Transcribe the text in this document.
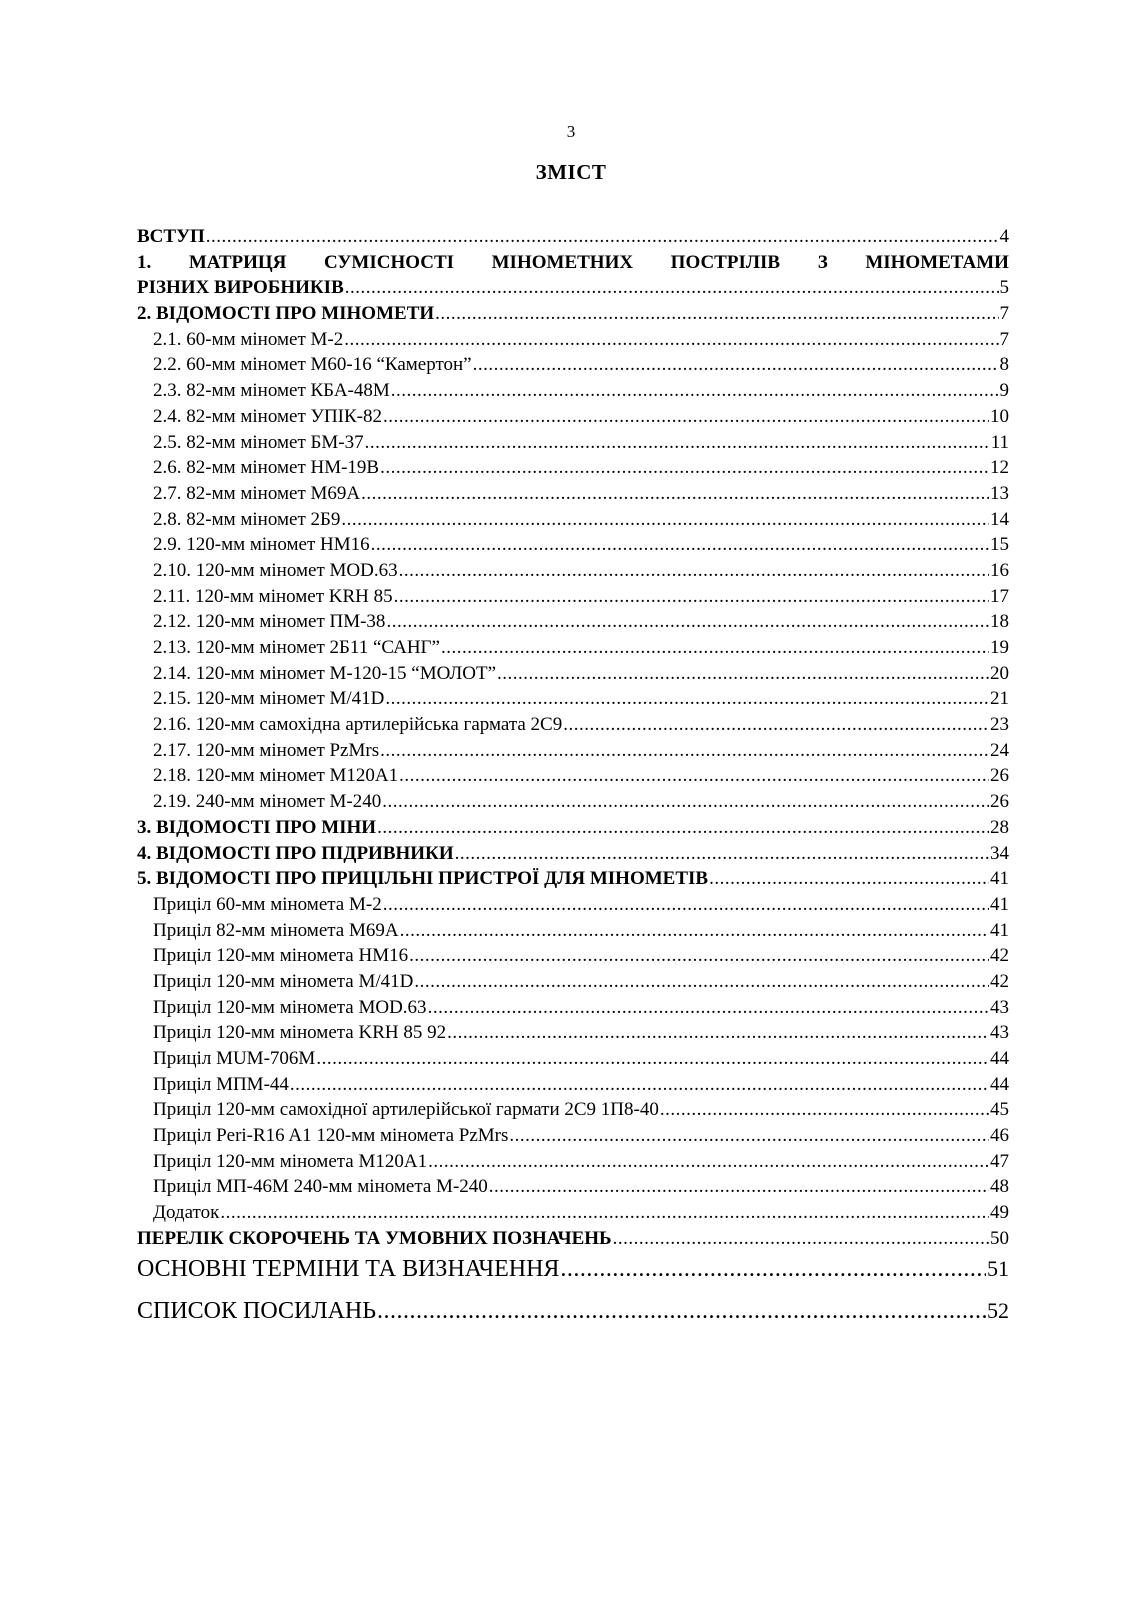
3
ЗМІСТ
ВСТУП .....	4
1. МАТРИЦЯ СУМІСНОСТІ МІНОМЕТНИХ ПОСТРІЛІВ З МІНОМЕТАМИ
РІЗНИХ ВИРОБНИКІВ .....	5
2. ВІДОМОСТІ ПРО МІНОМЕТИ .....	7
2.1. 60-мм міномет М-2 .....	7
2.2. 60-мм міномет М60-16 “Камертон” .....	8
2.3. 82-мм міномет КБА-48М .....	9
2.4. 82-мм міномет УПІК-82 .....	10
2.5. 82-мм міномет БМ-37 .....	11
2.6. 82-мм міномет НМ-19В .....	12
2.7. 82-мм міномет М69А .....	13
2.8. 82-мм міномет 2Б9 .....	14
2.9. 120-мм міномет НМ16 .....	15
2.10. 120-мм міномет MOD.63 .....	16
2.11. 120-мм міномет KRH 85 .....	17
2.12. 120-мм міномет ПМ-38 .....	18
2.13. 120-мм міномет 2Б11 “САНГ” .....	19
2.14. 120-мм міномет М-120-15 “МОЛОТ” .....	20
2.15. 120-мм міномет M/41D .....	21
2.16. 120-мм самохідна артилерійська гармата 2С9 .....	23
2.17. 120-мм міномет PzMrs .....	24
2.18. 120-мм міномет M120A1 .....	26
2.19. 240-мм міномет М-240 .....	26
3. ВІДОМОСТІ ПРО МІНИ .....	28
4. ВІДОМОСТІ ПРО ПІДРИВНИКИ .....	34
5. ВІДОМОСТІ ПРО ПРИЦІЛЬНІ ПРИСТРОЇ ДЛЯ МІНОМЕТІВ .....	41
Приціл 60-мм міномета М-2 .....	41
Приціл 82-мм міномета М69А .....	41
Приціл 120-мм міномета НМ16 .....	42
Приціл 120-мм міномета M/41D .....	42
Приціл 120-мм міномета MOD.63 .....	43
Приціл 120-мм міномета KRH 85 92 .....	43
Приціл MUM-706M .....	44
Приціл МПМ-44 .....	44
Приціл 120-мм самохідної артилерійської гармати 2С9 1П8-40 .....	45
Приціл Peri-R16 A1 120-мм міномета PzMrs .....	46
Приціл 120-мм міномета M120A1 .....	47
Приціл МП-46М 240-мм міномета М-240 .....	48
Додаток .....	49
ПЕРЕЛІК СКОРОЧЕНЬ ТА УМОВНИХ ПОЗНАЧЕНЬ .....	50
ОСНОВНІ ТЕРМІНИ ТА ВИЗНАЧЕННЯ .....	51
СПИСОК ПОСИЛАНЬ .....	52
